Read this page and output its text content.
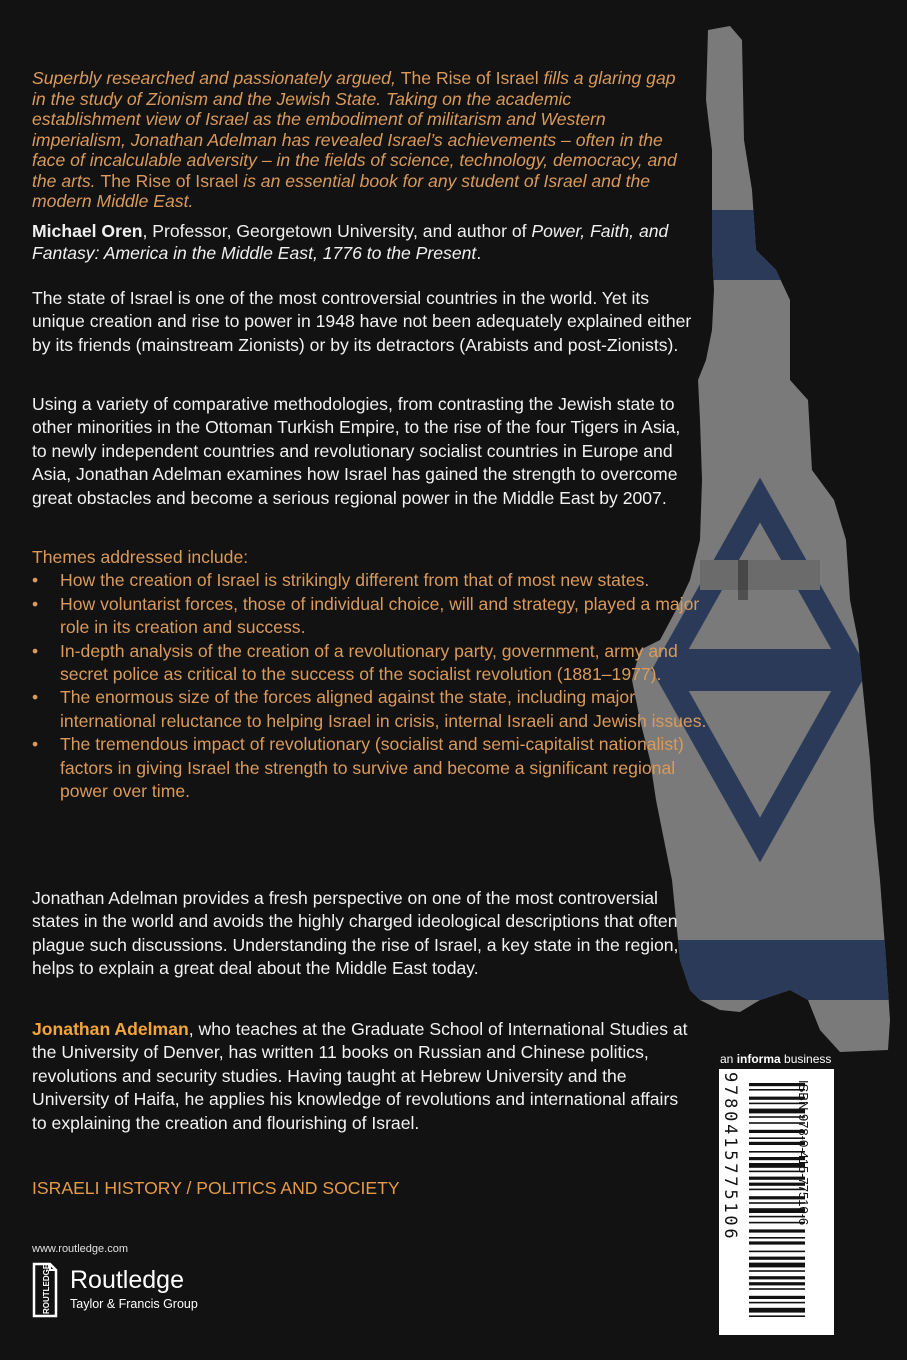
Superbly researched and passionately argued, The Rise of Israel fills a glaring gap in the study of Zionism and the Jewish State. Taking on the academic establishment view of Israel as the embodiment of militarism and Western imperialism, Jonathan Adelman has revealed Israel’s achievements – often in the face of incalculable adversity – in the fields of science, technology, democracy, and the arts. The Rise of Israel is an essential book for any student of Israel and the modern Middle East.

Michael Oren, Professor, Georgetown University, and author of Power, Faith, and Fantasy: America in the Middle East, 1776 to the Present.

The state of Israel is one of the most controversial countries in the world. Yet its unique creation and rise to power in 1948 have not been adequately explained either by its friends (mainstream Zionists) or by its detractors (Arabists and post-Zionists).

Using a variety of comparative methodologies, from contrasting the Jewish state to other minorities in the Ottoman Turkish Empire, to the rise of the four Tigers in Asia, to newly independent countries and revolutionary socialist countries in Europe and Asia, Jonathan Adelman examines how Israel has gained the strength to overcome great obstacles and become a serious regional power in the Middle East by 2007.

Themes addressed include:
• How the creation of Israel is strikingly different from that of most new states.
• How voluntarist forces, those of individual choice, will and strategy, played a major role in its creation and success.
• In-depth analysis of the creation of a revolutionary party, government, army and secret police as critical to the success of the socialist revolution (1881–1977).
• The enormous size of the forces aligned against the state, including major international reluctance to helping Israel in crisis, internal Israeli and Jewish issues.
• The tremendous impact of revolutionary (socialist and semi-capitalist nationalist) factors in giving Israel the strength to survive and become a significant regional power over time.

Jonathan Adelman provides a fresh perspective on one of the most controversial states in the world and avoids the highly charged ideological descriptions that often plague such discussions. Understanding the rise of Israel, a key state in the region, helps to explain a great deal about the Middle East today.

Jonathan Adelman, who teaches at the Graduate School of International Studies at the University of Denver, has written 11 books on Russian and Chinese politics, revolutions and security studies. Having taught at Hebrew University and the University of Haifa, he applies his knowledge of revolutions and international affairs to explaining the creation and flourishing of Israel.

ISRAELI HISTORY / POLITICS AND SOCIETY
www.routledge.com
ROUTLEDGE Routledge
Taylor & Francis Group
an informa business
ISBN 978-0-415-77510-6
9780415775106
